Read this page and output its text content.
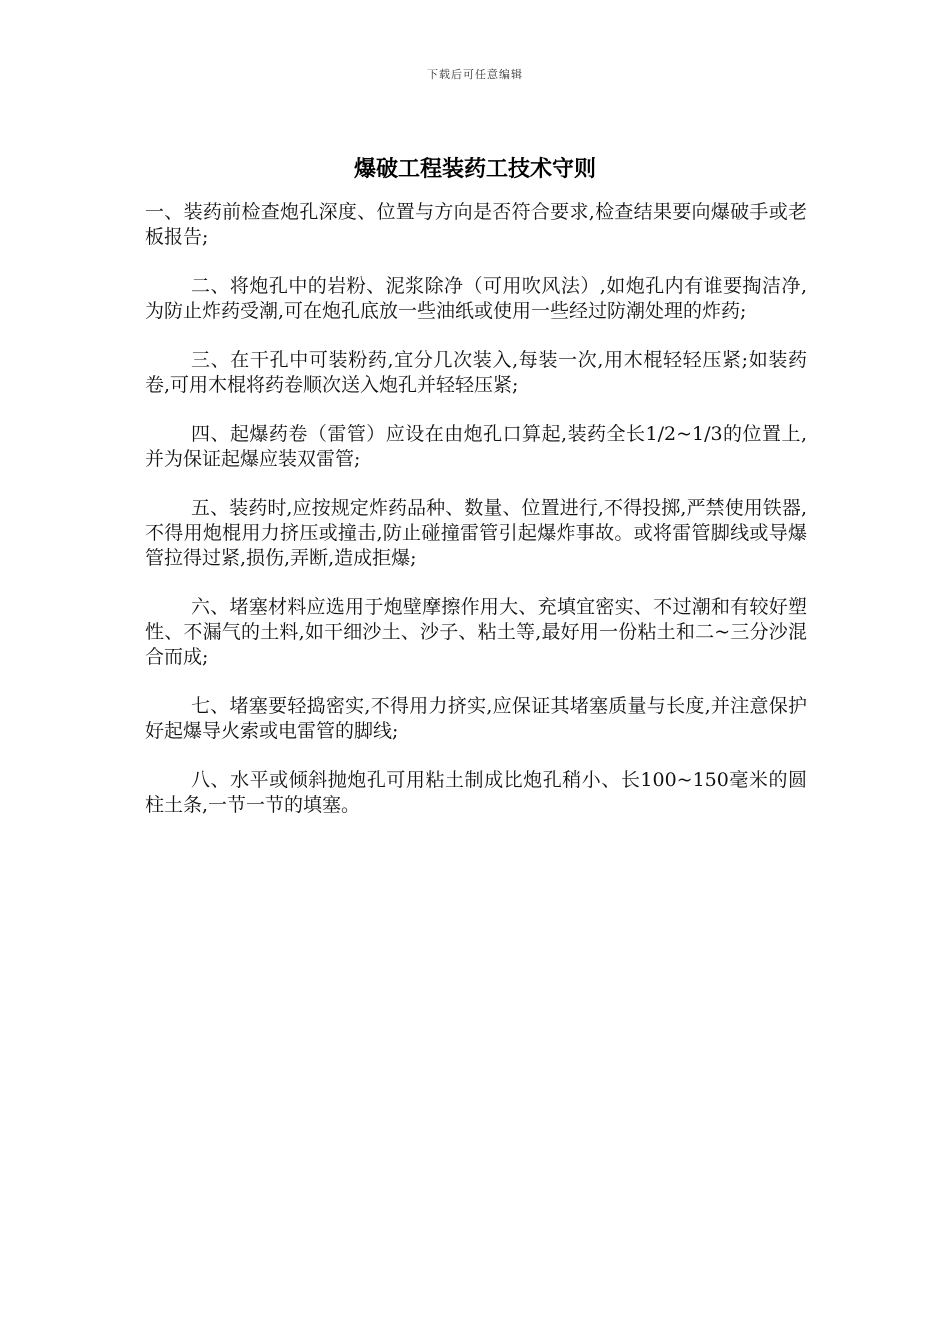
下载后可任意编辑
爆破工程装药工技术守则

一、装药前检查炮孔深度、位置与方向是否符合要求,检查结果要向爆破手或老板报告;

二、将炮孔中的岩粉、泥浆除净（可用吹风法）,如炮孔内有谁要掏洁净,为防止炸药受潮,可在炮孔底放一些油纸或使用一些经过防潮处理的炸药;

三、在干孔中可装粉药,宜分几次装入,每装一次,用木棍轻轻压紧;如装药卷,可用木棍将药卷顺次送入炮孔并轻轻压紧;

四、起爆药卷（雷管）应设在由炮孔口算起,装药全长1/2~1/3的位置上,并为保证起爆应装双雷管;

五、装药时,应按规定炸药品种、数量、位置进行,不得投掷,严禁使用铁器,不得用炮棍用力挤压或撞击,防止碰撞雷管引起爆炸事故。或将雷管脚线或导爆管拉得过紧,损伤,弄断,造成拒爆;

六、堵塞材料应选用于炮壁摩擦作用大、充填宜密实、不过潮和有较好塑性、不漏气的土料,如干细沙土、沙子、粘土等,最好用一份粘土和二~三分沙混合而成;

七、堵塞要轻捣密实,不得用力挤实,应保证其堵塞质量与长度,并注意保护好起爆导火索或电雷管的脚线;

八、水平或倾斜抛炮孔可用粘土制成比炮孔稍小、长100~150毫米的圆柱土条,一节一节的填塞。
